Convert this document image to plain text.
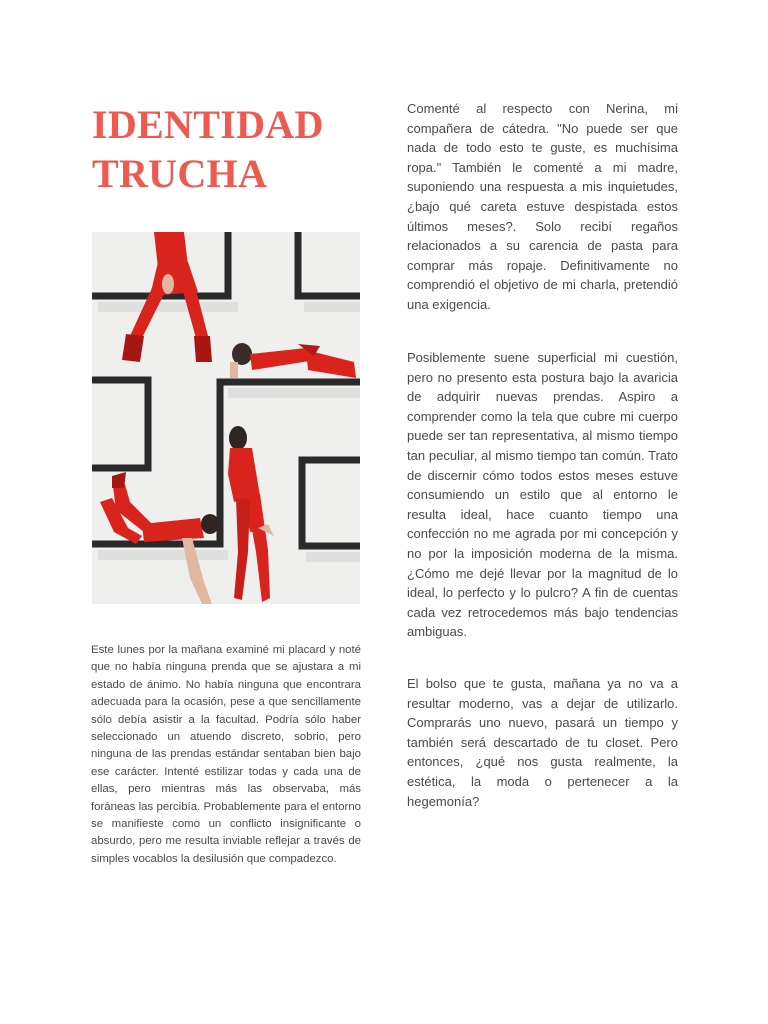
IDENTIDAD
TRUCHA

Este lunes por la mañana examiné mi placard y noté que no había ninguna prenda que se ajustara a mi estado de ánimo. No había ninguna que encontrara adecuada para la ocasión, pese a que sencillamente sólo debía asistir a la facultad. Podría sólo haber seleccionado un atuendo discreto, sobrio, pero ninguna de las prendas estándar sentaban bien bajo ese carácter. Intenté estilizar todas y cada una de ellas, pero mientras más las observaba, más foráneas las percibía. Probablemente para el entorno se manifieste como un conflicto insignificante o absurdo, pero me resulta inviable reflejar a través de simples vocablos la desilusión que compadezco.

Comenté al respecto con Nerina, mi compañera de cátedra. "No puede ser que nada de todo esto te guste, es muchísima ropa." También le comenté a mi madre, suponiendo una respuesta a mis inquietudes, ¿bajo qué careta estuve despistada estos últimos meses?. Solo recibí regaños relacionados a su carencia de pasta para comprar más ropaje. Definitivamente no comprendió el objetivo de mi charla, pretendió una exigencia.

Posiblemente suene superficial mi cuestión, pero no presento esta postura bajo la avaricia de adquirir nuevas prendas. Aspiro a comprender como la tela que cubre mi cuerpo puede ser tan representativa, al mismo tiempo tan peculiar, al mismo tiempo tan común. Trato de discernir cómo todos estos meses estuve consumiendo un estilo que al entorno le resulta ideal, hace cuanto tiempo una confección no me agrada por mi concepción y no por la imposición moderna de la misma. ¿Cómo me dejé llevar por la magnitud de lo ideal, lo perfecto y lo pulcro? A fin de cuentas cada vez retrocedemos más bajo tendencias ambiguas.

El bolso que te gusta, mañana ya no va a resultar moderno, vas a dejar de utilizarlo. Comprarás uno nuevo, pasará un tiempo y también será descartado de tu closet. Pero entonces, ¿qué nos gusta realmente, la estética, la moda o pertenecer a la hegemonía?
